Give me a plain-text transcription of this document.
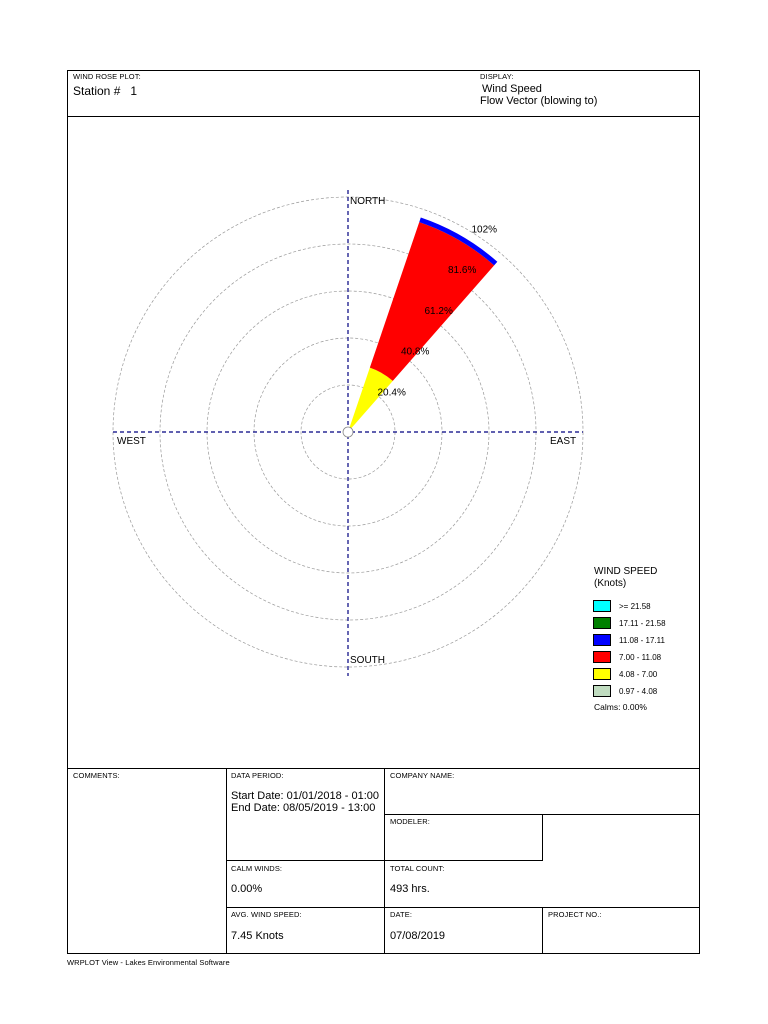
WIND ROSE PLOT:
Station #   1
DISPLAY:
Wind Speed
Flow Vector (blowing to)
20.4%
40.8%
61.2%
81.6%
102%
NORTH
SOUTH
WEST	EAST
WIND SPEED
(Knots)
>= 21.58
17.11 - 21.58
11.08 - 17.11
7.00 - 11.08
4.08 - 7.00
0.97 - 4.08
Calms: 0.00%
COMMENTS:	DATA PERIOD:
Start Date: 01/01/2018 - 01:00
End Date: 08/05/2019 - 13:00
COMPANY NAME:
MODELER:
CALM WINDS:
0.00%
TOTAL COUNT:
493 hrs.
AVG. WIND SPEED:
7.45 Knots
DATE:
07/08/2019
PROJECT NO.:
WRPLOT View - Lakes Environmental Software
